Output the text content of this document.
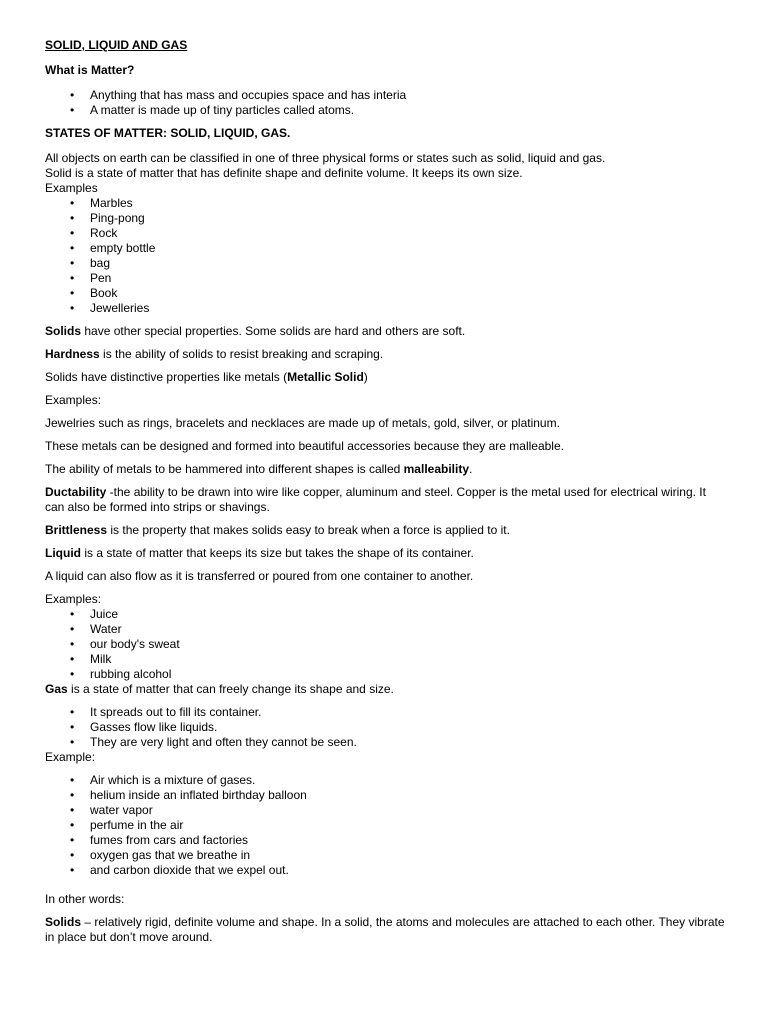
SOLID, LIQUID AND GAS
What is Matter?
• Anything that has mass and occupies space and has interia
• A matter is made up of tiny particles called atoms.
STATES OF MATTER: SOLID, LIQUID, GAS.

All objects on earth can be classified in one of three physical forms or states such as solid, liquid and gas.

Solid is a state of matter that has definite shape and definite volume. It keeps its own size.

Examples

• Marbles
• Ping-pong
• Rock
• empty bottle
• bag
• Pen
• Book
• Jewelleries

Solids have other special properties. Some solids are hard and others are soft.

Hardness is the ability of solids to resist breaking and scraping.

Solids have distinctive properties like metals (Metallic Solid)

Examples:

Jewelries such as rings, bracelets and necklaces are made up of metals, gold, silver, or platinum.

These metals can be designed and formed into beautiful accessories because they are malleable.

The ability of metals to be hammered into different shapes is called malleability.

Ductability -the ability to be drawn into wire like copper, aluminum and steel. Copper is the metal used for electrical wiring. It can also be formed into strips or shavings.

Brittleness is the property that makes solids easy to break when a force is applied to it.

Liquid is a state of matter that keeps its size but takes the shape of its container.

A liquid can also flow as it is transferred or poured from one container to another.

Examples:

• Juice
• Water
• our body's sweat
• Milk
• rubbing alcohol

Gas is a state of matter that can freely change its shape and size.

• It spreads out to fill its container.
• Gasses flow like liquids.
• They are very light and often they cannot be seen.

Example:

• Air which is a mixture of gases.
• helium inside an inflated birthday balloon
• water vapor
• perfume in the air
• fumes from cars and factories
• oxygen gas that we breathe in
• and carbon dioxide that we expel out.

In other words:

Solids – relatively rigid, definite volume and shape. In a solid, the atoms and molecules are attached to each other. They vibrate in place but don’t move around.
